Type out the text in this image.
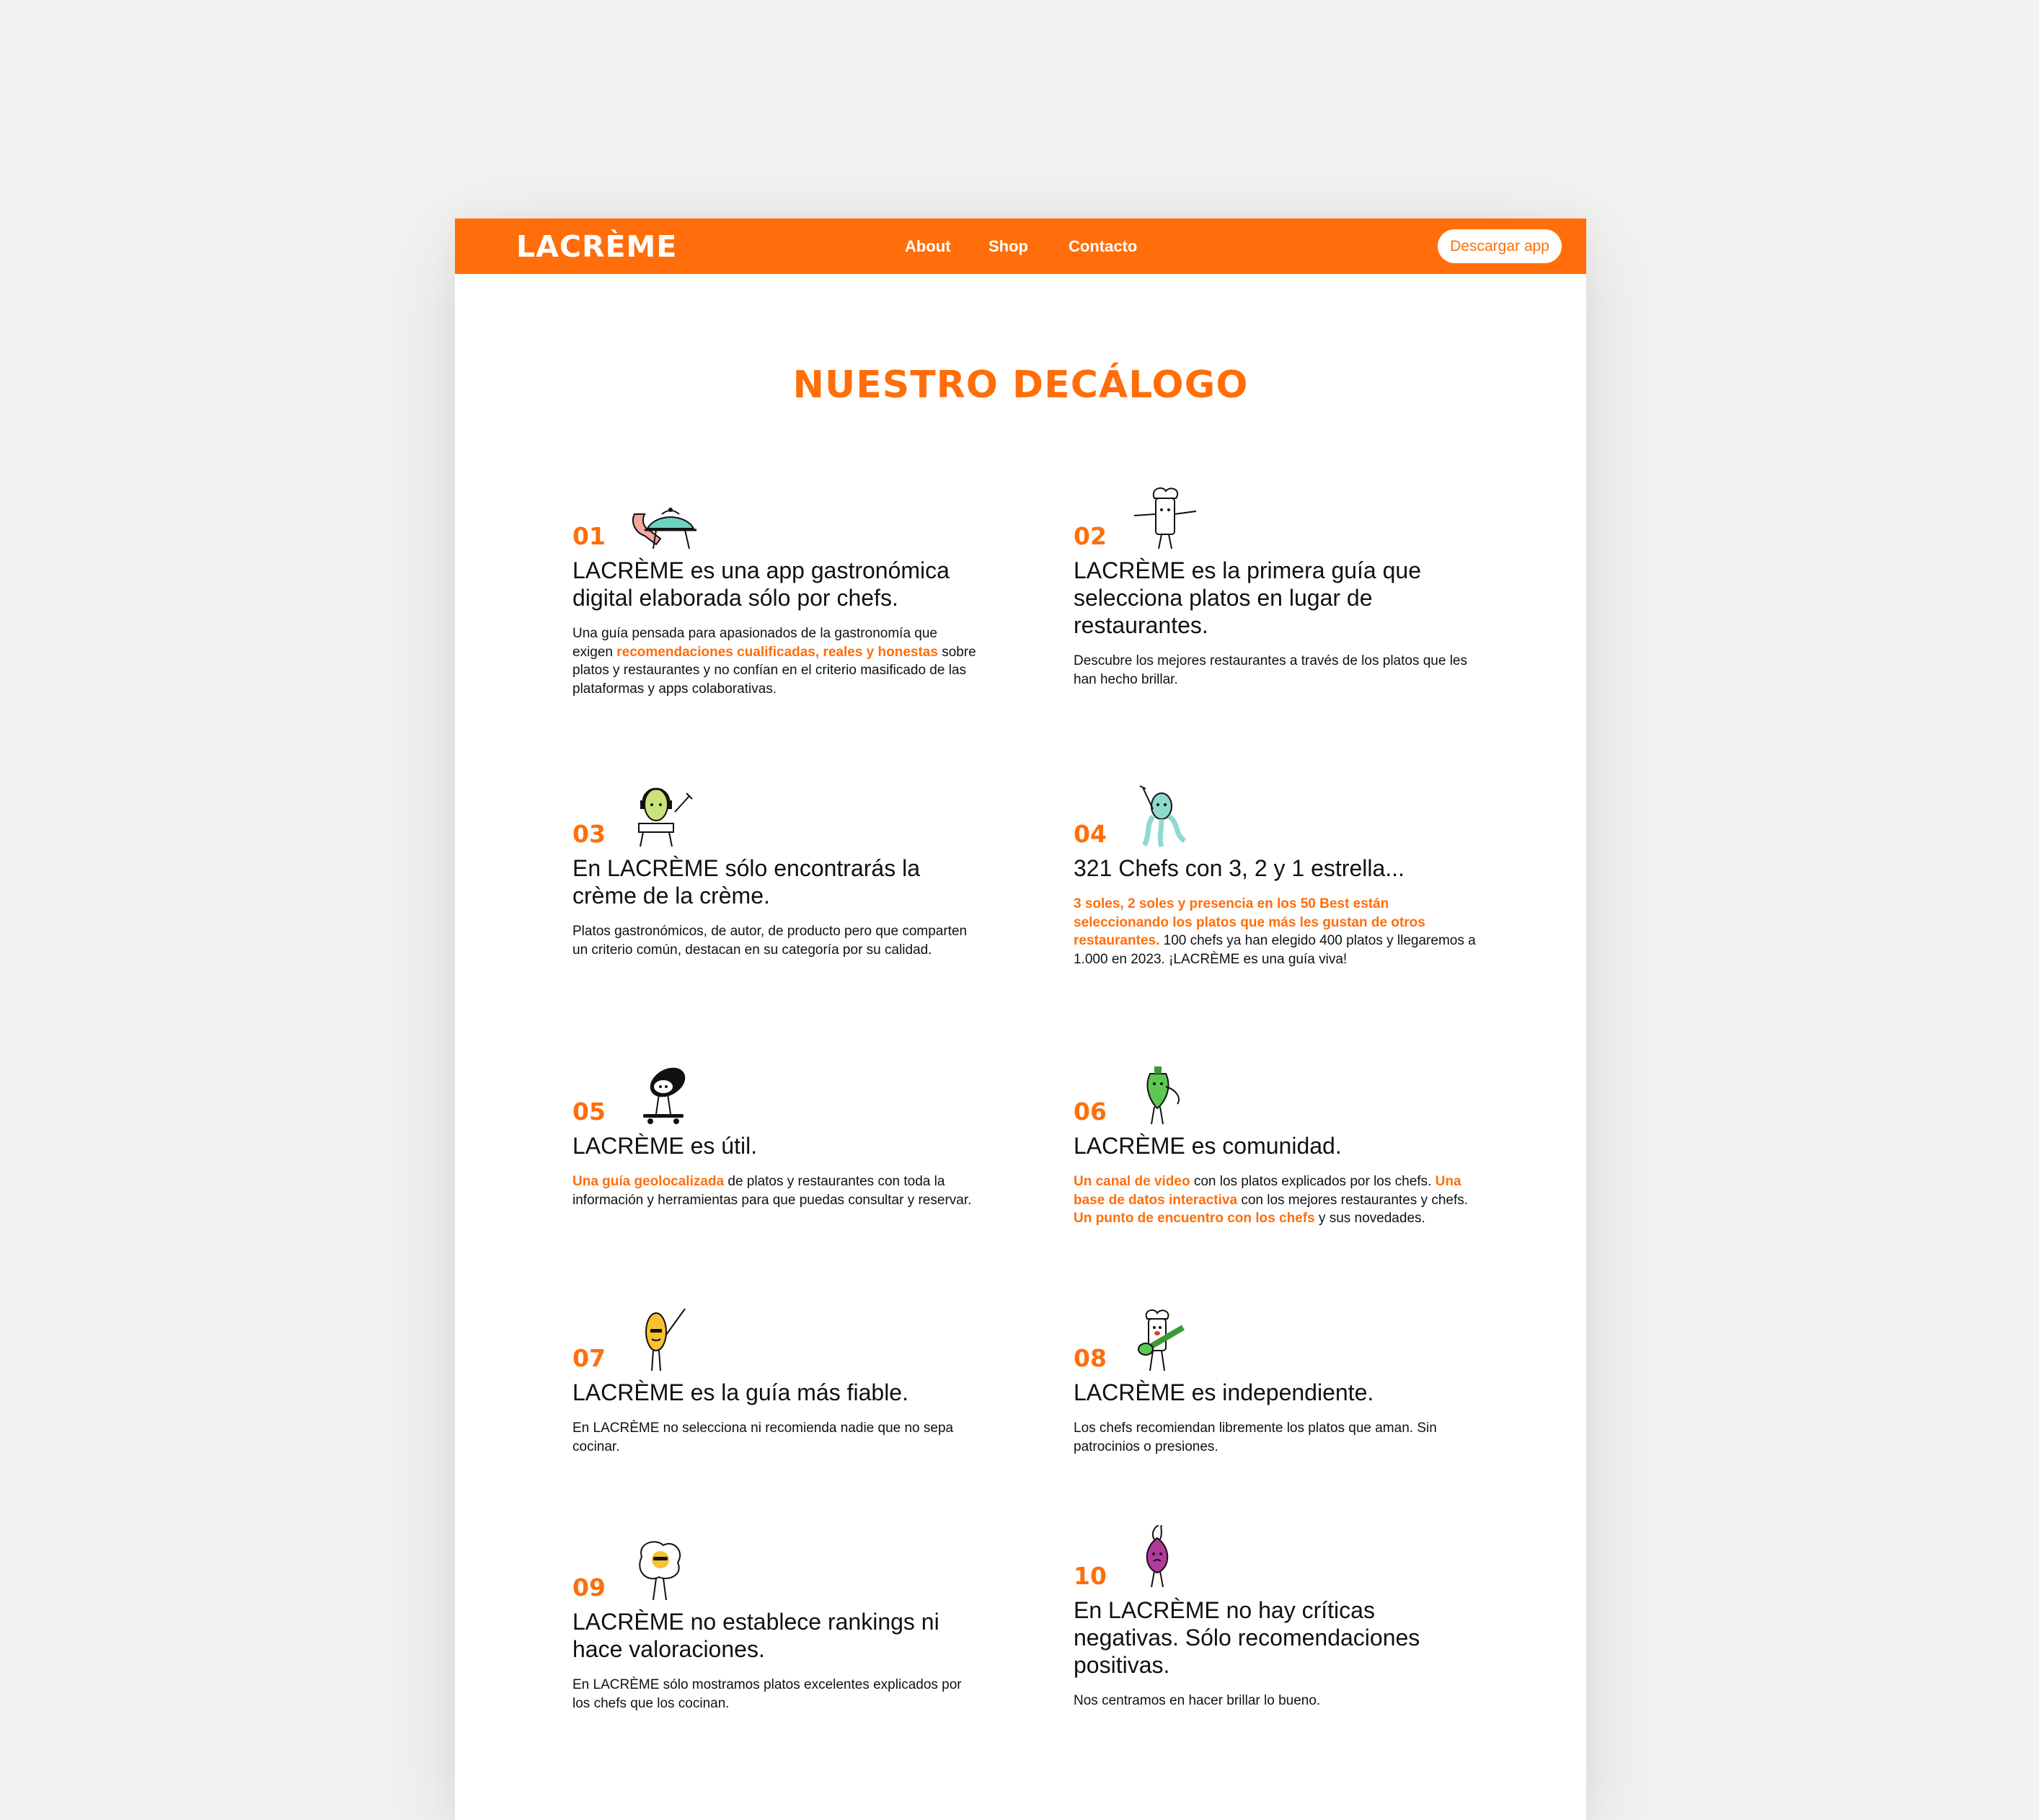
LACRÈME	About Shop	Contacto	Descargar app
NUESTRO DECÁLOGO
01
LACRÈME es una app gastronómica digital elaborada sólo por chefs.

Una guía pensada para apasionados de la gastronomía que exigen recomendaciones cualificadas, reales y honestas sobre platos y restaurantes y no confían en el criterio masificado de las plataformas y apps colaborativas.

02
LACRÈME es la primera guía que selecciona platos en lugar de restaurantes.

Descubre los mejores restaurantes a través de los platos que les han hecho brillar.

03
En LACRÈME sólo encontrarás la crème de la crème.

Platos gastronómicos, de autor, de producto pero que comparten un criterio común, destacan en su categoría por su calidad.

04
321 Chefs con 3, 2 y 1 estrella...

3 soles, 2 soles y presencia en los 50 Best están seleccionando los platos que más les gustan de otros restaurantes. 100 chefs ya han elegido 400 platos y llegaremos a 1.000 en 2023. ¡LACRÈME es una guía viva!

05
LACRÈME es útil.

Una guía geolocalizada de platos y restaurantes con toda la información y herramientas para que puedas consultar y reservar.

06
LACRÈME es comunidad.

Un canal de video con los platos explicados por los chefs. Una base de datos interactiva con los mejores restaurantes y chefs. Un punto de encuentro con los chefs y sus novedades.

07
LACRÈME es la guía más fiable.

En LACRÈME no selecciona ni recomienda nadie que no sepa cocinar.

08
LACRÈME es independiente.

Los chefs recomiendan libremente los platos que aman. Sin patrocinios o presiones.

09
LACRÈME no establece rankings ni hace valoraciones.

En LACRÈME sólo mostramos platos excelentes explicados por los chefs que los cocinan.

10
En LACRÈME no hay críticas negativas. Sólo recomendaciones positivas.

Nos centramos en hacer brillar lo bueno.
